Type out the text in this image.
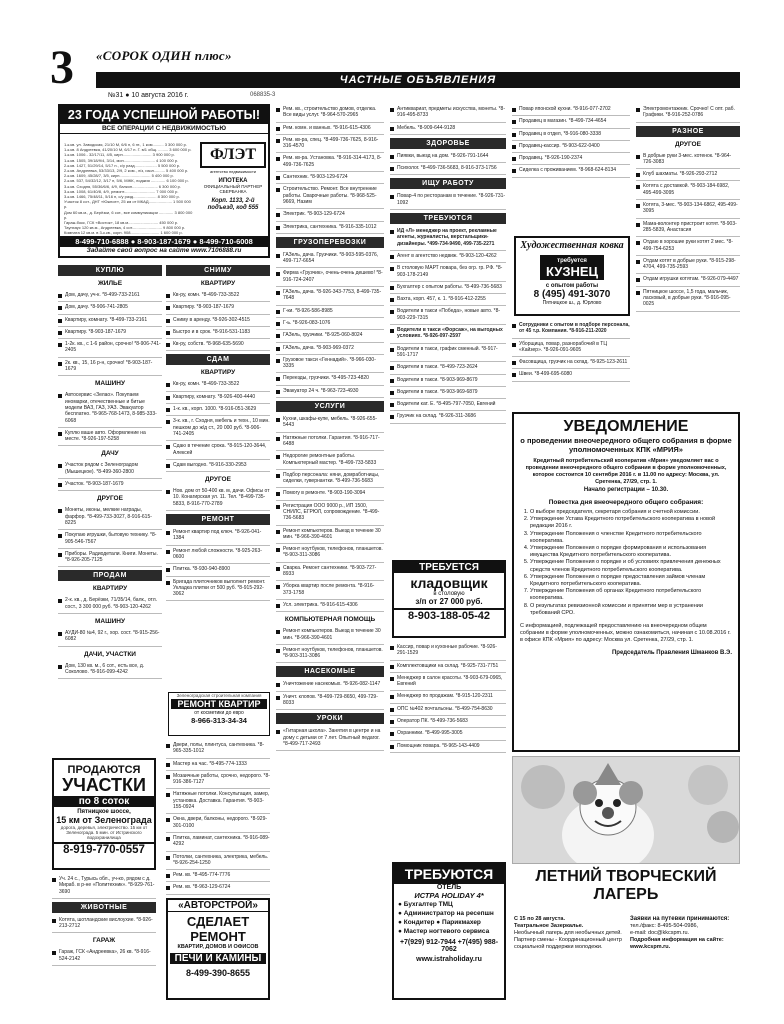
3 «СОРОК ОДИН плюс»
ЧАСТНЫЕ ОБЪЯВЛЕНИЯ
№31 ● 10 августа 2016 г.	068835-3
23 ГОДА УСПЕШНОЙ РАБОТЫ!
ВСЕ ОПЕРАЦИИ С НЕДВИЖИМОСТЬЮ
1-к.кв. ул. Заводская, 21/10 М, 6/6 п, 6 эт., 1 ком.......... 3 300 000 р.
1-к.кв. 8 Андреевка, 41/20/10 М, 6/17 п. Г. в/1 общ. ......... 3 600 000 р.
1-к.кв. 1006 - 32/17/11, 4/5, кирп.......................... 3 900 000 р.
1-к.кв. 1505, 39/18/9/4, 3/14, мон............................ 4 100 000 р.
2-к.кв. 1427, 51/29/14, 5/17 п., с/у разд.................... 5 500 000 р.
2-к.кв. Андреевка, 53/33/13, 2/9, 2 ком., л/з, изол.......... 5 400 000 р.
2-к.кв. 1609, 45/28/7, 3/5, кирп............................ 5 400 000 р.
2-к.кв. 537, 54/32/12, 3/17 п, 5/6, МЖК, лоджия ............. 6 100 000 р.
3-к.кв. Сходня, 55/36/6/6, 4/9, балкон....................... 6 300 000 р.
3-к.кв. 1008, 61/40/8, 4/9, ремонт............................ 7 000 000 р.
3-к.кв. 1466, 75/48/11, 5/16 п, с/у разд..................... 8 300 000 р.
Участок 8 сот., ДНТ «Южное», 25 км от МКАД..................... 1 500 000 р.
Дом 60 кв.м., д. Берёзки, 6 сот., все коммуникации ............. 3 800 000 р.
Гараж-бокс, ГСК «Восток», 18 кв.м........................... 450 000 р.
Таунхаус 120 кв.м., Андреевка, 4 сот........................... 9 800 000 р.
Комната 12 кв.м. в 3-к.кв., корп. 908.......................... 1 600 000 р.
ФЛЭТ
агентство недвижимости
ИПОТЕКА
ОФИЦИАЛЬНЫЙ ПАРТНЕР СБЕРБАНКА
Корп. 1133, 2-й подъезд, код 555
8-499-710-6888 ● 8-903-187-1679 ● 8-499-710-6008
Задайте свой вопрос на сайте www.7106888.ru
КУПЛЮ
ЖИЛЬЕ
Дом, дачу, уч-к. *8-499-733-2161
Дом, дачу. *8-906-741-2805
Квартиру, комнату. *8-499-733-2161
Квартиру. *8-903-187-1679
1-2к. кв., с 1-6 район, срочно! *8-906-741-2405
2к. кв., 15, 16 р-н, срочно! *8-903-187-1679
МАШИНУ
Автосервис «Зелао». Покупаем иномарки, отечественные и битые модели ВАЗ, ГАЗ, УАЗ. Эвакуатор бесплатно. *8-965-768-1473, 8-985-333-6068
Куплю ваше авто. Оформление на месте. *8-926-197-5258
ДАЧУ
Участок рядом с Зеленоградом (Мышецкое). *8-499-360-2800
Участок. *8-903-187-1679
ДРУГОЕ
Монеты, иконы, мелкие награды, фарфор. *8-499-733-3027, 8-916-615-8225
Покупаю игрушки, бытовую технику. *8-905-546-7567
Приборы. Радиодетали. Книги. Монеты. *8-926-205-7125
ПРОДАМ
КВАРТИРУ
2-к. кв., д. Берёзки, 71/35/14, балк., отл. сост., 3 300 000 руб. *8-903-120-4262
МАШИНУ
АУДИ-80 №4, 92 г., хор. сост. *8-915-256-6082
ДАЧИ, УЧАСТКИ
Дом, 130 кв. м., 6 сот., есть все, д. Соколово. *8-916-099-4242
ПРОДАЮТСЯ
УЧАСТКИ
по 8 соток
Пятницкое шоссе,
15 км от Зеленограда
дорога, деревья, электричество. 15 км от Зеленограда. 5 мин. от Истринского водохранилища
8-919-770-0557
Уч. 24 с., Турысь обл., уч-ко, рядом с д. Мираб. в р-не «Политехник». *8-929-761-3690
ЖИВОТНЫЕ
Котята, шотландские вислоухие. *8-926-213-2712
ГАРАЖ
Гараж, ГСК «Андреевка», 26 кв. *8-916-524-2142
СНИМУ
КВАРТИРУ
Кв-ру, комн. *8-499-733-3522
Квартиру. *8-903-187-1679
Сниму в аренду. *8-926-302-4515
Быстро и в срок. *8-916-531-1183
Кв-ру, собств. *8-968-635-5690
СДАМ
КВАРТИРУ
Кв-ру, комн. *8-499-733-3522
Квартиру, комнату. *8-926-400-4440
1-к. кв., корп. 1000. *8-916-051-3629
3-к. кв., г. Сходня, мебель и техн., 10 мин. пешком до ж/д ст., 20 000 руб. *8-906-741-2405
Сдаю в течение срока. *8-915-120-3644, Алексей
Сдам выгодно. *8-916-330-2953
ДРУГОЕ
Нов. дом от 50-400 кв. м, дачи. Офисы от 10. Конагирская ул. 11. Тел. *8-499-735-5833, 8-916-770-2789
РЕМОНТ
Ремонт квартир под ключ. *8-926-041-1384
Ремонт любой сложности. *8-925-263-0600
Плитка. *8-930-940-8900
Бригада плиточников выполнит ремонт. Укладка плитки от 500 руб. *8-915-292-3062
Зеленоградская строительная компания
РЕМОНТ КВАРТИР
от косметики до евро
8-966-313-34-34
Двери, полы, плинтуса, сантехника. *8-965-335-1012
Мастер на час. *8-495-774-1333
Мозаичные работы, срочно, недорого. *8-916-386-7127
Натяжные потолки. Консультация, замер, установка. Доставка. Гарантия. *8-903-155-0924
Окна, двери, балконы, недорого. *8-929-301-0100
Плитка, ламинат, сантехника. *8-916-089-4292
Потолки, сантехника, электрика, мебель. *8-926-254-1250
Рем. кв. *8-495-774-7776
Рем. кв. *8-963-129-6724
«АВТОРСТРОЙ»
СДЕЛАЕТ РЕМОНТ
КВАРТИР, ДОМОВ И ОФИСОВ
ПЕЧИ И КАМИНЫ
8-499-390-8655
Рем. кв., строительство домов, отделка. Все виды услуг. *8-964-570-2965
Рем. комн. и ванных. *8-916-615-4306
Рем. кв-ра, спец. *8-499-736-7625, 8-916-316-4570
Рем. кв-ра. Уcтановка. *8-916-314-4173, 8-499-736-7625
Сантехник. *8-903-129-6724
Строительство. Ремонт. Все внутренние работы. Сварочные работы. *8-968-525-9669, Назим
Электрик. *8-903-129-6724
Электрика, сантехника. *8-916-335-1012
ГРУЗОПЕРЕВОЗКИ
ГАЗель, дача. Грузчики. *8-903-595-0376, 499-717-6654
Фирма «Грузчик», очень-очень дешево! *8-916-724-2407
ГАЗель, дача. *8-926-343-7753, 8-499-735-7648
Г-ки. *8-926-586-8985
Г-ь. *8-926-083-1076
ГАЗель, грузчики. *8-925-060-8024
ГАЗель, дача. *8-903-969-0372
Грузовое такси «Геннадий». *8-966-030-3335
Переезды, грузчики. *8-495-723-4820
Эвакуатор 24 ч. *8-963-723-4930
УСЛУГИ
Кухни, шкафы-купе, мебель. *8-926-655-5443
Натяжные потолки. Гарантия. *8-916-717-6488
Недорогие ремонтные работы. Компьютерный мастер. *8-499-733-5833
Подбор персонала: няни, домработницы, сиделки, гувернантки. *8-499-736-5683
Помогу в ремонте. *8-903-190-3094
Регистрация ООО 9000 р., ИП 1500, СНИЛС, ЕГРЮЛ, сопровождение. *8-499-736-5683
Ремонт компьютеров. Выезд в течение 30 мин. *8-966-390-4601
Ремонт ноутбуков, телефонов, планшетов. *8-903-311-3086
Сварка. Ремонт сантехники. *8-903-727-8933
Уборка квартир после ремонта. *8-916-373-1758
Усл. электрика. *8-916-615-4306
КОМПЬЮТЕРНАЯ ПОМОЩЬ
Ремонт компьютеров. Выезд в течение 30 мин. *8-966-390-4601
Ремонт ноутбуков, телефонов, планшетов. *8-903-311-3086
НАСЕКОМЫЕ
Уничтожение насекомых. *8-926-082-1147
Уничт. клопов. *8-499-729-8650, 499-729-8033
УРОКИ
«Гитарная школа». Занятия в центре и на дому с детьми от 7 лет. Опытный педагог. *8-499-717-2493
Антиквариат, предметы искусства, монеты. *8-916-495-8733
Мебель. *8-909-644-9128
ЗДОРОВЬЕ
Пиявки, выезд на дом. *8-926-791-1644
Психолог. *8-499-736-5683, 8-916-373-1756
ИЩУ РАБОТУ
Повар-4 по ресторанам в течение. *8-926-731-1092
ТРЕБУЮТСЯ
ИД «Л» менеджер на проект, рекламные агенты, журналисты, верстальщики-дизайнеры. *499-734-9490, 499-735-2271
Агент в агентство недвиж. *8-903-120-4262
В столовую МАРТ повара, без огр. гр. РФ. *8-903-178-2149
Бухгалтер с опытом работы. *8-499-736-5683
Вахта, корп. 457, к. 1. *8-916-412-2255
Водители в такси «Победа», новые авто. *8-903-229-7315
Водители в такси «Форсаж», на выгодных условиях. *8-926-097-2597
Водители в такси, график сменный. *8-917-591-1717
Водители в такси. *8-499-723-2624
Водители в такси. *8-903-969-8679
Водители в такси. *8-903-969-6879
Водители кат. Е. *8-495-797-7050, Евгений
Грузчик на склад. *8-926-311-3686
ТРЕБУЕТСЯ
кладовщик
в столовую
з/п от 27 000 руб.
8-903-188-05-42
Кассир, повар и кухонные рабочие. *8-926-291-1529
Комплектовщики на склад. *8-925-731-7751
Менеджер в салон красоты. *8-903-679-0965, Евгений
Менеджер по продажам. *8-915-120-2311
ОПС №402 почтальоны. *8-499-754-8630
Оператор ПК. *8-499-736-5683
Охранники. *8-499-995-3005
Помощник повара. *8-965-143-4409
ТРЕБУЮТСЯ
ОТЕЛЬ
ИСТРА HOLIDAY 4*
● Бухгалтер ТМЦ
● Администратор на ресепшн
● Кондитер ● Парикмахер
● Мастер ногтевого сервиса
+7(929) 912-7944 +7(495) 988-7062
www.istraholiday.ru
Повар японской кухни. *8-916-077-2702
Продавец в магазин. *8-499-734-4654
Продавец в отдел, *8-916-080-3338
Продавец-кассир. *8-903-622-0400
Продавец. *8-926-190-2374
Сиделка с проживанием. *8-968-624-8134
Художественная ковка
требуется
КУЗНЕЦ
с опытом работы
8 (495) 491-3070
Пятницкое ш., д. Юрлово
Сотрудники с опытом в подборе персонала, от 45 т.р. Компания. *8-916-211-2020
Уборщица, повар, разнорабочий в ТЦ «Кайзер». *8-926-091-9605
Фасовщица, грузчик на склад. *8-925-123-2611
Швеи. *8-499-695-6080
Электромонтажник. Срочно! С опт. раб. Графики. *8-916-252-0786
РАЗНОЕ
ДРУГОЕ
В добрые руки 3-мес. котенок. *8-964-726-3083
Клуб шахматы. *8-926-293-2712
Котята с доставкой. *8-903-184-6982, 495-499-3095
Котята, 3-мес. *8-903-134-6862, 495-499-3095
Мама-волонтер пристроит котят. *8-903-285-5839, Анастасия
Отдаю в хорошие руки котят 2 мес. *8-499-754-6253
Отдам котят в добрые руки. *8-915-298-4704, 499-735-2593
Отдам игрушки котятам. *8-926-079-4497
Пятницкое шоссе, 1,5 года, мальчик, ласковый, в добрые руки. *8-916-095-0025
УВЕДОМЛЕНИЕ
о проведении внеочередного общего собрания в форме уполномоченных КПК «МРИЯ»
Кредитный потребительский кооператив «Мрия» уведомляет вас о проведении внеочередного общего собрания в форме уполномоченных, которое состоится 10 сентября 2016 г. в 11.00 по адресу: Москва, ул. Сретенка, 27/29, стр. 1.
Начало регистрации – 10.30.
Повестка дня внеочередного общего собрания:
1. О выборе председателя, секретаря собрания и счетной комиссии.
2. Утверждение Устава Кредитного потребительского кооператива в новой редакции 2016 г.
3. Утверждение Положения о членстве Кредитного потребительского кооператива.
4. Утверждение Положения о порядке формирования и использования имущества Кредитного потребительского кооператива.
5. Утверждение Положения о порядке и об условиях привлечения денежных средств членов Кредитного потребительского кооператива.
6. Утверждение Положения о порядке предоставления займов членам Кредитного потребительского кооператива.
7. Утверждение Положения об органах Кредитного потребительского кооператива.
8. О результатах ревизионной комиссии и принятии мер в устранении требований СРО.
С информацией, подлежащей предоставлению на внеочередном общем собрании в форме уполномоченных, можно ознакомиться, начиная с 10.08.2016 г. в офисе КПК «Мрия» по адресу: Москва ул. Сретенка, 27/29, стр. 1.
Председатель Правления Шманков В.Э.
ЛЕТНИЙ ТВОРЧЕСКИЙ ЛАГЕРЬ
С 15 по 28 августа.
Театральное Зазеркалье.
Необычный лагерь для необычных детей. Партнер смены - Координационный центр социальной поддержки молодежи.
Заявки на путевки принимаются:
тел./факс: 8-495-504-0986,
e-mail: doc@kkcspm.ru.
Подробная информация на сайте: www.kcspm.ru.
